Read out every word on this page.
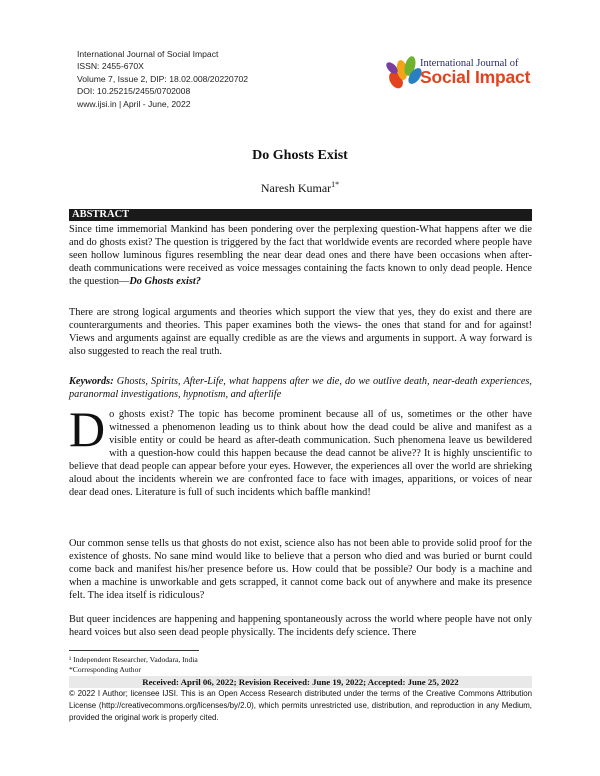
International Journal of Social Impact
ISSN: 2455-670X
Volume 7, Issue 2, DIP: 18.02.008/20220702
DOI: 10.25215/2455/0702008
www.ijsi.in | April - June, 2022
International Journal of
Social Impact
Do Ghosts Exist
Naresh Kumar$^{1*}$
ABSTRACT
Since time immemorial Mankind has been pondering over the perplexing question-What happens after we die and do ghosts exist? The question is triggered by the fact that worldwide events are recorded where people have seen hollow luminous figures resembling the near dear dead ones and there have been occasions when after-death communications were received as voice messages containing the facts known to only dead people. Hence the question—Do Ghosts exist?
There are strong logical arguments and theories which support the view that yes, they do exist and there are counterarguments and theories. This paper examines both the views- the ones that stand for and for against! Views and arguments against are equally credible as are the views and arguments in support. A way forward is also suggested to reach the real truth.
Keywords: Ghosts, Spirits, After-Life, what happens after we die, do we outlive death, near-death experiences, paranormal investigations, hypnotism, and afterlife
Do ghosts exist? The topic has become prominent because all of us, sometimes or the other have witnessed a phenomenon leading us to think about how the dead could be alive and manifest as a visible entity or could be heard as after-death communication. Such phenomena leave us bewildered with a question-how could this happen because the dead cannot be alive?? It is highly unscientific to believe that dead people can appear before your eyes. However, the experiences all over the world are shrieking aloud about the incidents wherein we are confronted face to face with images, apparitions, or voices of near dear dead ones. Literature is full of such incidents which baffle mankind!
Our common sense tells us that ghosts do not exist, science also has not been able to provide solid proof for the existence of ghosts. No sane mind would like to believe that a person who died and was buried or burnt could come back and manifest his/her presence before us. How could that be possible? Our body is a machine and when a machine is unworkable and gets scrapped, it cannot come back out of anywhere and make its presence felt. The idea itself is ridiculous?
But queer incidences are happening and happening spontaneously across the world where people have not only heard voices but also seen dead people physically. The incidents defy science. There
¹ Independent Researcher, Vadodara, India
*Corresponding Author
Received: April 06, 2022; Revision Received: June 19, 2022; Accepted: June 25, 2022
© 2022 I Author; licensee IJSI. This is an Open Access Research distributed under the terms of the Creative Commons Attribution License (http://creativecommons.org/licenses/by/2.0), which permits unrestricted use, distribution, and reproduction in any Medium, provided the original work is properly cited.
